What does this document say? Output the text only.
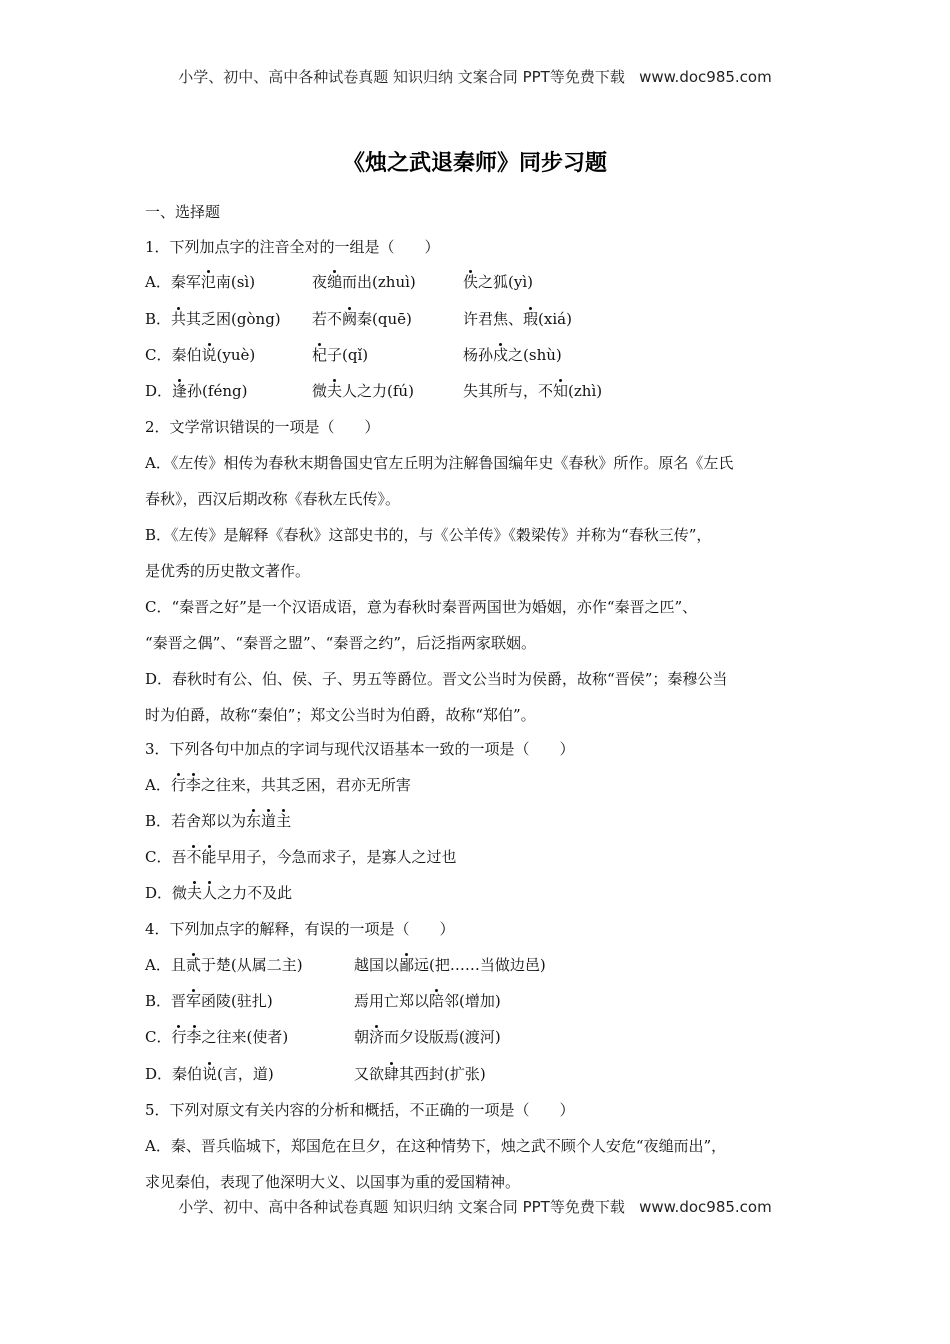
小学、初中、高中各种试卷真题 知识归纳 文案合同 PPT等免费下载   www.doc985.com
《烛之武退秦师》同步习题
一、选择题
1．下列加点字的注音全对的一组是（　　）
A．秦军氾南(sì)	夜缒而出(zhuì)	佚之狐(yì)
B．共其乏困(gòng) 若不阙秦(quē)	许君焦、瑕(xiá)
C．秦伯说(yuè)	杞子(qǐ)	杨孙戍之(shù)
D．逢孙(féng)	微夫人之力(fú)	失其所与，不知(zhì)
2．文学常识错误的一项是（　　）
A．《左传》相传为春秋末期鲁国史官左丘明为注解鲁国编年史《春秋》所作。原名《左氏
春秋》，西汉后期改称《春秋左氏传》。
B．《左传》是解释《春秋》这部史书的，与《公羊传》《穀梁传》并称为“春秋三传”，
是优秀的历史散文著作。
C．“秦晋之好”是一个汉语成语，意为春秋时秦晋两国世为婚姻，亦作“秦晋之匹”、
“秦晋之偶”、“秦晋之盟”、“秦晋之约”，后泛指两家联姻。
D．春秋时有公、伯、侯、子、男五等爵位。晋文公当时为侯爵，故称“晋侯”；秦穆公当
时为伯爵，故称“秦伯”；郑文公当时为伯爵，故称“郑伯”。
3．下列各句中加点的字词与现代汉语基本一致的一项是（　　）
A．行李之往来，共其乏困，君亦无所害
B．若舍郑以为东道主
C．吾不能早用子，今急而求子，是寡人之过也
D．微夫人之力不及此
4．下列加点字的解释，有误的一项是（　　）
A．且贰于楚(从属二主)	越国以鄙远(把……当做边邑)
B．晋军函陵(驻扎)	焉用亡郑以陪邻(增加)
C．行李之往来(使者)	朝济而夕设版焉(渡河)
D．秦伯说(言，道)	又欲肆其西封(扩张)
5．下列对原文有关内容的分析和概括，不正确的一项是（　　）
A．秦、晋兵临城下，郑国危在旦夕，在这种情势下，烛之武不顾个人安危“夜缒而出”，
求见秦伯，表现了他深明大义、以国事为重的爱国精神。
小学、初中、高中各种试卷真题 知识归纳 文案合同 PPT等免费下载   www.doc985.com
